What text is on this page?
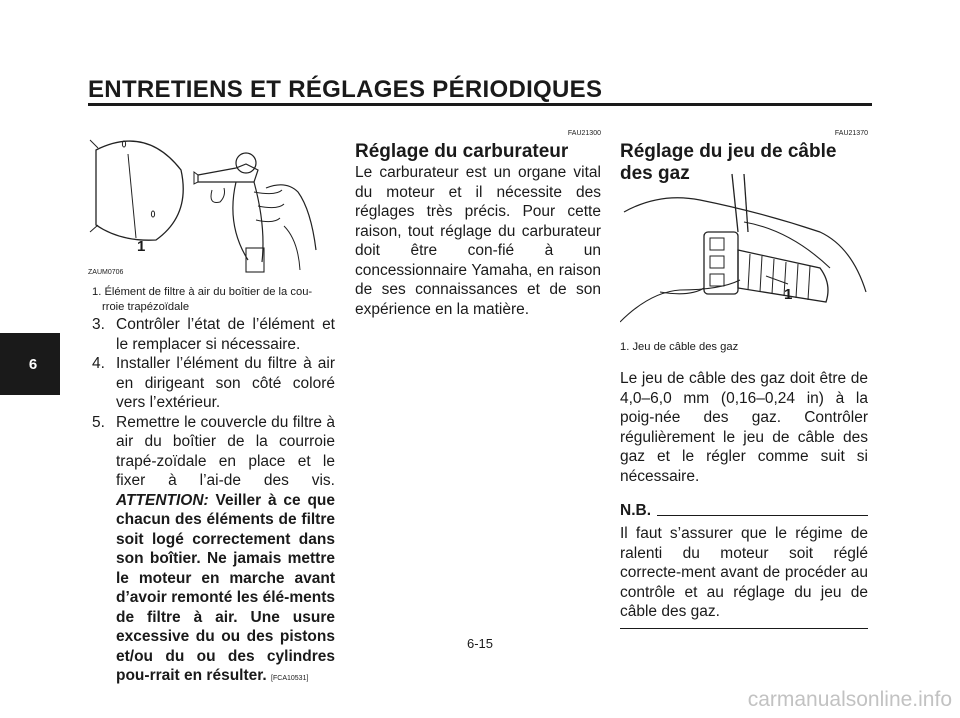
ENTRETIENS ET RÉGLAGES PÉRIODIQUES
6
1
ZAUM0706
1. Élément de filtre à air du boîtier de la cou-
rroie trapézoïdale
3. Contrôler l’état de l’élément et le remplacer si nécessaire.
4. Installer l’élément du filtre à air en dirigeant son côté coloré vers l’extérieur.
5. Remettre le couvercle du filtre à air du boîtier de la courroie trapé-zoïdale en place et le fixer à l’ai-de des vis. ATTENTION: Veiller à ce que chacun des éléments de filtre soit logé correctement dans son boîtier. Ne jamais mettre le moteur en marche avant d’avoir remonté les élé-ments de filtre à air. Une usure excessive du ou des pistons et/ou du ou des cylindres pou-rrait en résulter. [FCA10531]
FAU21300
Réglage du carburateur
Le carburateur est un organe vital du moteur et il nécessite des réglages très précis. Pour cette raison, tout réglage du carburateur doit être con-fié à un concessionnaire Yamaha, en raison de ses connaissances et de son expérience en la matière.
FAU21370
Réglage du jeu de câble des gaz
1
1. Jeu de câble des gaz
Le jeu de câble des gaz doit être de 4,0–6,0 mm (0,16–0,24 in) à la poig-née des gaz. Contrôler régulièrement le jeu de câble des gaz et le régler comme suit si nécessaire.
N.B.
Il faut s’assurer que le régime de ralenti du moteur soit réglé correcte-ment avant de procéder au contrôle et au réglage du jeu de câble des gaz.
6-15
carmanualsonline.info
